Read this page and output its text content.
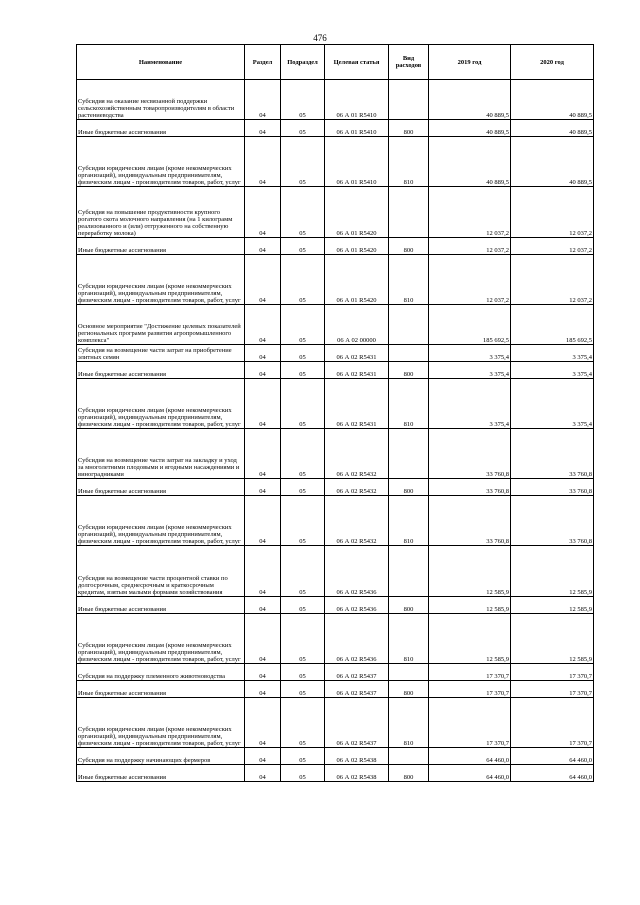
476
Наименование	Раздел	Подраздел	Целевая статья	Вид расходов	2019 год	2020 год
Субсидия на оказание несвязанной поддержки сельскохозяйственным товаропроизводителям в области растениеводства	04	05	06 А 01 R5410		40 889,5	40 889,5
Иные бюджетные ассигнования	04	05	06 А 01 R5410	800	40 889,5	40 889,5
Субсидии юридическим лицам (кроме некоммерческих организаций), индивидуальным предпринимателям, физическим лицам - производителям товаров, работ, услуг	04	05	06 А 01 R5410	810	40 889,5	40 889,5
Субсидия на повышение продуктивности крупного рогатого скота молочного направления (на 1 килограмм реализованного и (или) отгруженного на собственную переработку молока)	04	05	06 А 01 R5420		12 037,2	12 037,2
Иные бюджетные ассигнования	04	05	06 А 01 R5420	800	12 037,2	12 037,2
Субсидии юридическим лицам (кроме некоммерческих организаций), индивидуальным предпринимателям, физическим лицам - производителям товаров, работ, услуг	04	05	06 А 01 R5420	810	12 037,2	12 037,2
Основное мероприятие "Достижение целевых показателей региональных программ развития агропромышленного комплекса"	04	05	06 А 02 00000		185 692,5	185 692,5
Субсидия на возмещение части затрат на приобретение элитных семян	04	05	06 А 02 R5431		3 375,4	3 375,4
Иные бюджетные ассигнования	04	05	06 А 02 R5431	800	3 375,4	3 375,4
Субсидии юридическим лицам (кроме некоммерческих организаций), индивидуальным предпринимателям, физическим лицам - производителям товаров, работ, услуг	04	05	06 А 02 R5431	810	3 375,4	3 375,4
Субсидия на возмещение части затрат на закладку и уход за многолетними плодовыми и ягодными насаждениями и виноградниками	04	05	06 А 02 R5432		33 760,8	33 760,8
Иные бюджетные ассигнования	04	05	06 А 02 R5432	800	33 760,8	33 760,8
Субсидии юридическим лицам (кроме некоммерческих организаций), индивидуальным предпринимателям, физическим лицам - производителям товаров, работ, услуг	04	05	06 А 02 R5432	810	33 760,8	33 760,8
Субсидия на возмещение части процентной ставки по долгосрочным, среднесрочным и краткосрочным кредитам, взятым малыми формами хозяйствования	04	05	06 А 02 R5436		12 585,9	12 585,9
Иные бюджетные ассигнования	04	05	06 А 02 R5436	800	12 585,9	12 585,9
Субсидии юридическим лицам (кроме некоммерческих организаций), индивидуальным предпринимателям, физическим лицам - производителям товаров, работ, услуг	04	05	06 А 02 R5436	810	12 585,9	12 585,9
Субсидия на поддержку племенного животноводства	04	05	06 А 02 R5437		17 370,7	17 370,7
Иные бюджетные ассигнования	04	05	06 А 02 R5437	800	17 370,7	17 370,7
Субсидии юридическим лицам (кроме некоммерческих организаций), индивидуальным предпринимателям, физическим лицам - производителям товаров, работ, услуг	04	05	06 А 02 R5437	810	17 370,7	17 370,7
Субсидия на поддержку начинающих фермеров	04	05	06 А 02 R5438		64 460,0	64 460,0
Иные бюджетные ассигнования	04	05	06 А 02 R5438	800	64 460,0	64 460,0
